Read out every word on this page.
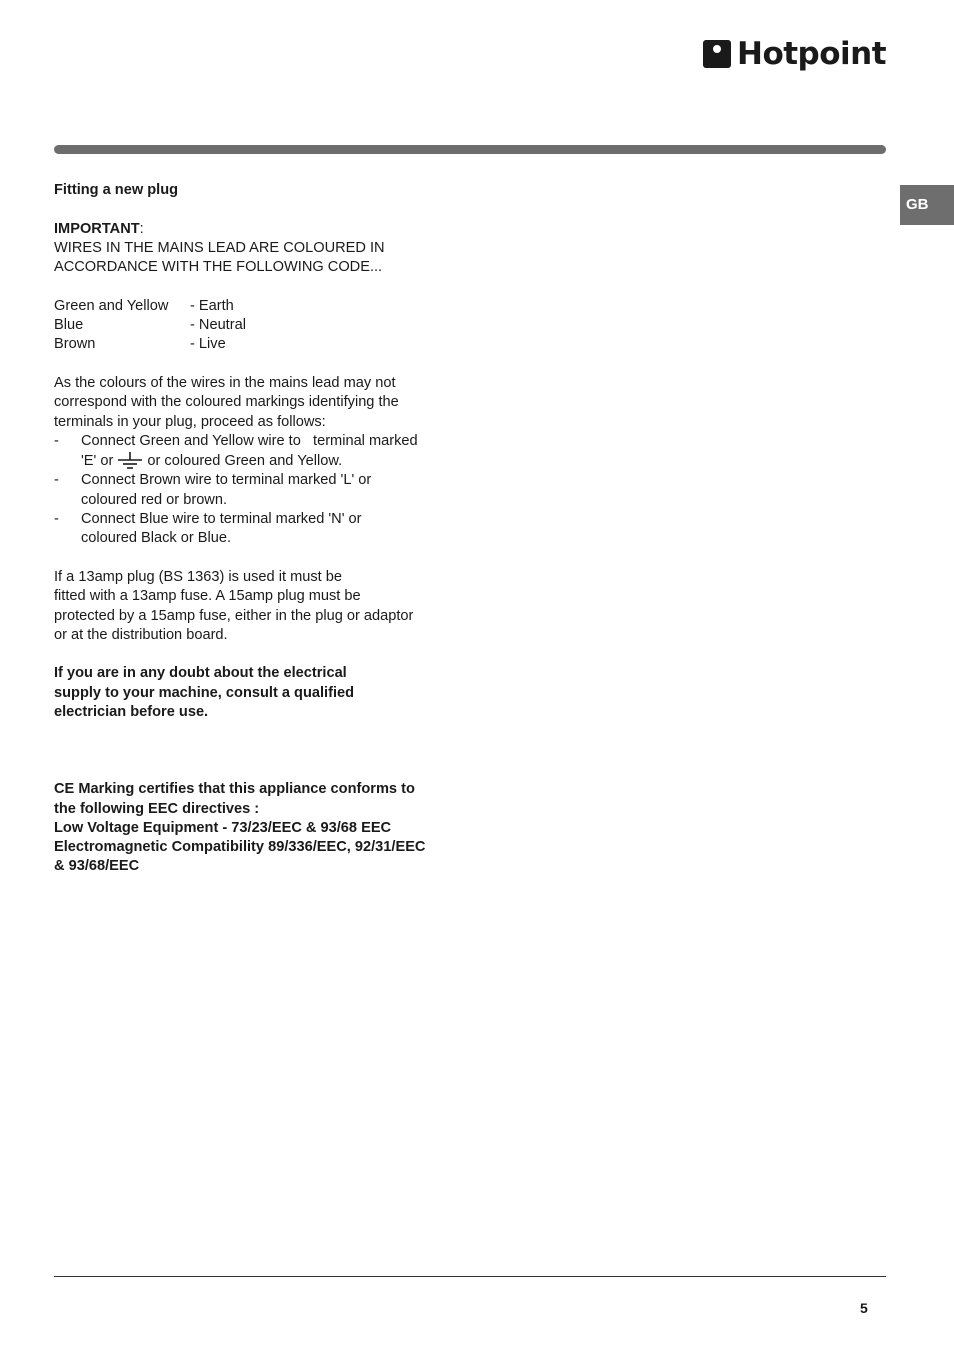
Hotpoint
GB

Fitting a new plug

IMPORTANT:

WIRES IN THE MAINS LEAD ARE COLOURED IN

ACCORDANCE WITH THE FOLLOWING CODE...

Green and Yellow	- Earth
Blue	- Neutral
Brown	- Live

As the colours of the wires in the mains lead may not

correspond with the coloured markings identifying the

terminals in your plug, proceed as follows:

-	Connect Green and Yellow wire to   terminal marked

'E' or or coloured Green and Yellow.

-	Connect Brown wire to terminal marked 'L' or

coloured red or brown.

-	Connect Blue wire to terminal marked 'N' or

coloured Black or Blue.

If a 13amp plug (BS 1363) is used it must be

fitted with a 13amp fuse. A 15amp plug must be

protected by a 15amp fuse, either in the plug or adaptor

or at the distribution board.

If you are in any doubt about the electrical

supply to your machine, consult a qualified

electrician before use.

CE Marking certifies that this appliance conforms to

the following EEC directives :

Low Voltage Equipment - 73/23/EEC & 93/68 EEC

Electromagnetic Compatibility 89/336/EEC, 92/31/EEC

& 93/68/EEC

5
